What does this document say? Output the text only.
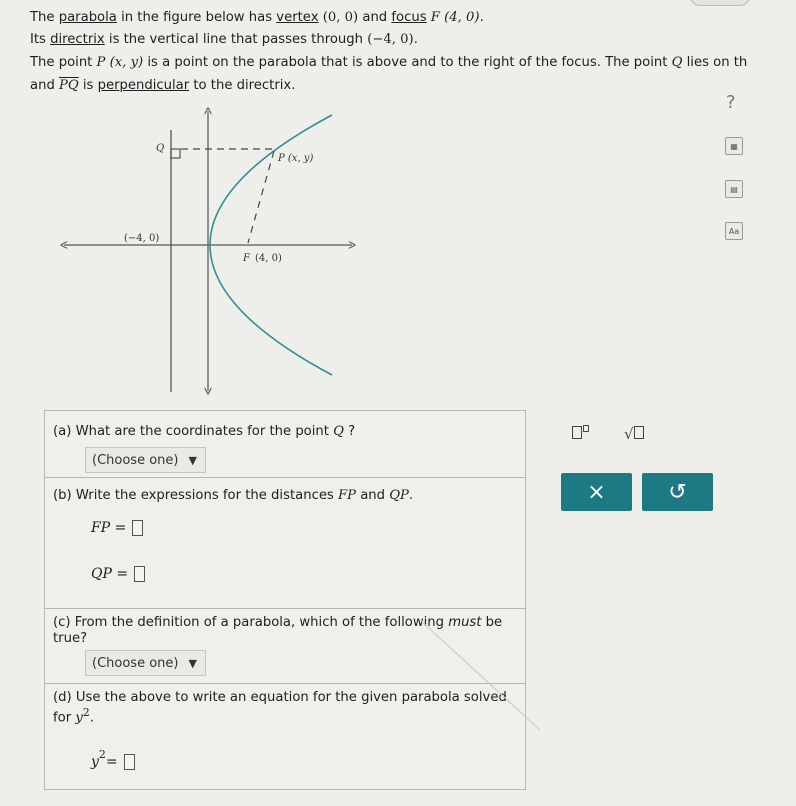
The parabola in the figure below has vertex (0, 0) and focus F (4, 0).
Its directrix is the vertical line that passes through (−4, 0).
The point P (x, y) is a point on the parabola that is above and to the right of the focus. The point Q lies on th
and $\overline{PQ}$ is perpendicular to the directrix.
?
▦
▤
Aa
Q
P (x, y)
(−4, 0)
F (4, 0)
(a) What are the coordinates for the point Q ?
(Choose one) ▼
(b) Write the expressions for the distances FP and QP.
FP =
QP =
(c) From the definition of a parabola, which of the following must be
true?
(Choose one) ▼
(d) Use the above to write an equation for the given parabola solved
for $y^2$.
$y^2$ =
√
×	↺
